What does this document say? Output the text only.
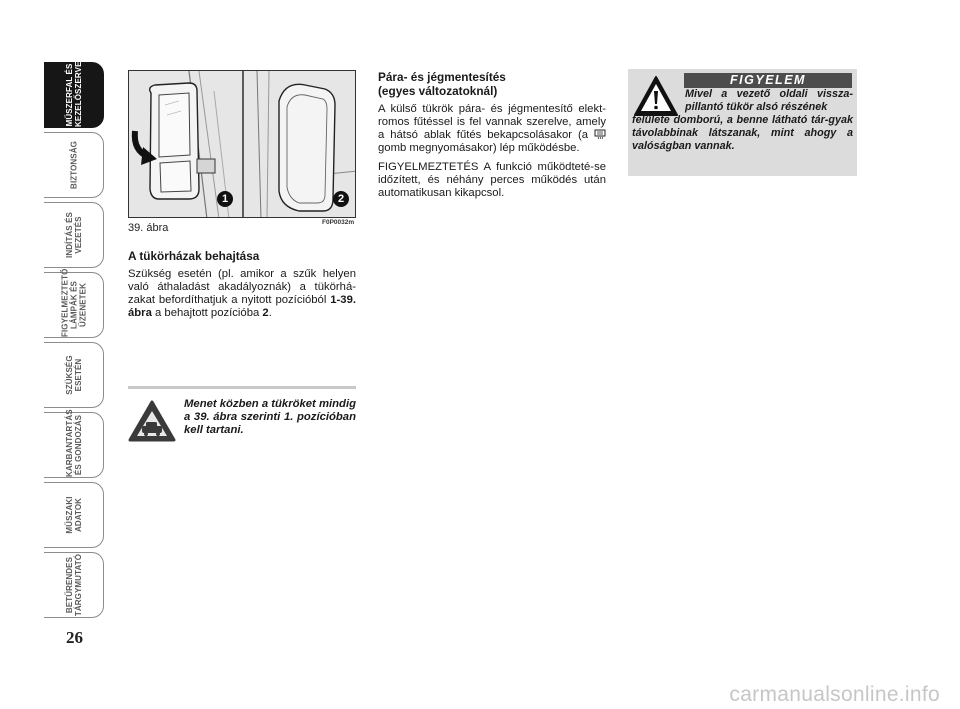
MŰSZERFAL ÉS
KEZELŐSZERVEK
BIZTONSÁG
INDÍTÁS ÉS
VEZETÉS
FIGYELMEZTETŐ
LÁMPÁK ÉS
ÜZENETEK
SZÜKSÉG
ESETÉN
KARBANTARTÁS
ÉS GONDOZÁS
MŰSZAKI
ADATOK
BETŰRENDES
TÁRGYMUTATÓ
26
1	2
F0P0032m
39. ábra
A tükörházak behajtása

Szükség esetén (pl. amikor a szűk helyen való áthaladást akadályoznák) a tükörhá-zakat befordíthatjuk a nyitott pozícióból 1-39. ábra a behajtott pozícióba 2.

Menet közben a tükröket mindig a 39. ábra szerinti 1. pozícióban kell tartani.
Pára- és jégmentesítés
(egyes változatoknál)

A külső tükrök pára- és jégmentesítő elekt-romos fűtéssel is fel vannak szerelve, amely a hátsó ablak fűtés bekapcsolásakor (a  gomb megnyomásakor) lép működésbe.

FIGYELMEZTETÉS A funkció működteté-se időzített, és néhány perces működés után automatikusan kikapcsol.

FIGYELEM
Mivel a vezető oldali vissza-pillantó tükör alsó részének
felülete domború, a benne látható tár-gyak távolabbinak látszanak, mint ahogy a valóságban vannak.
carmanualsonline.info
